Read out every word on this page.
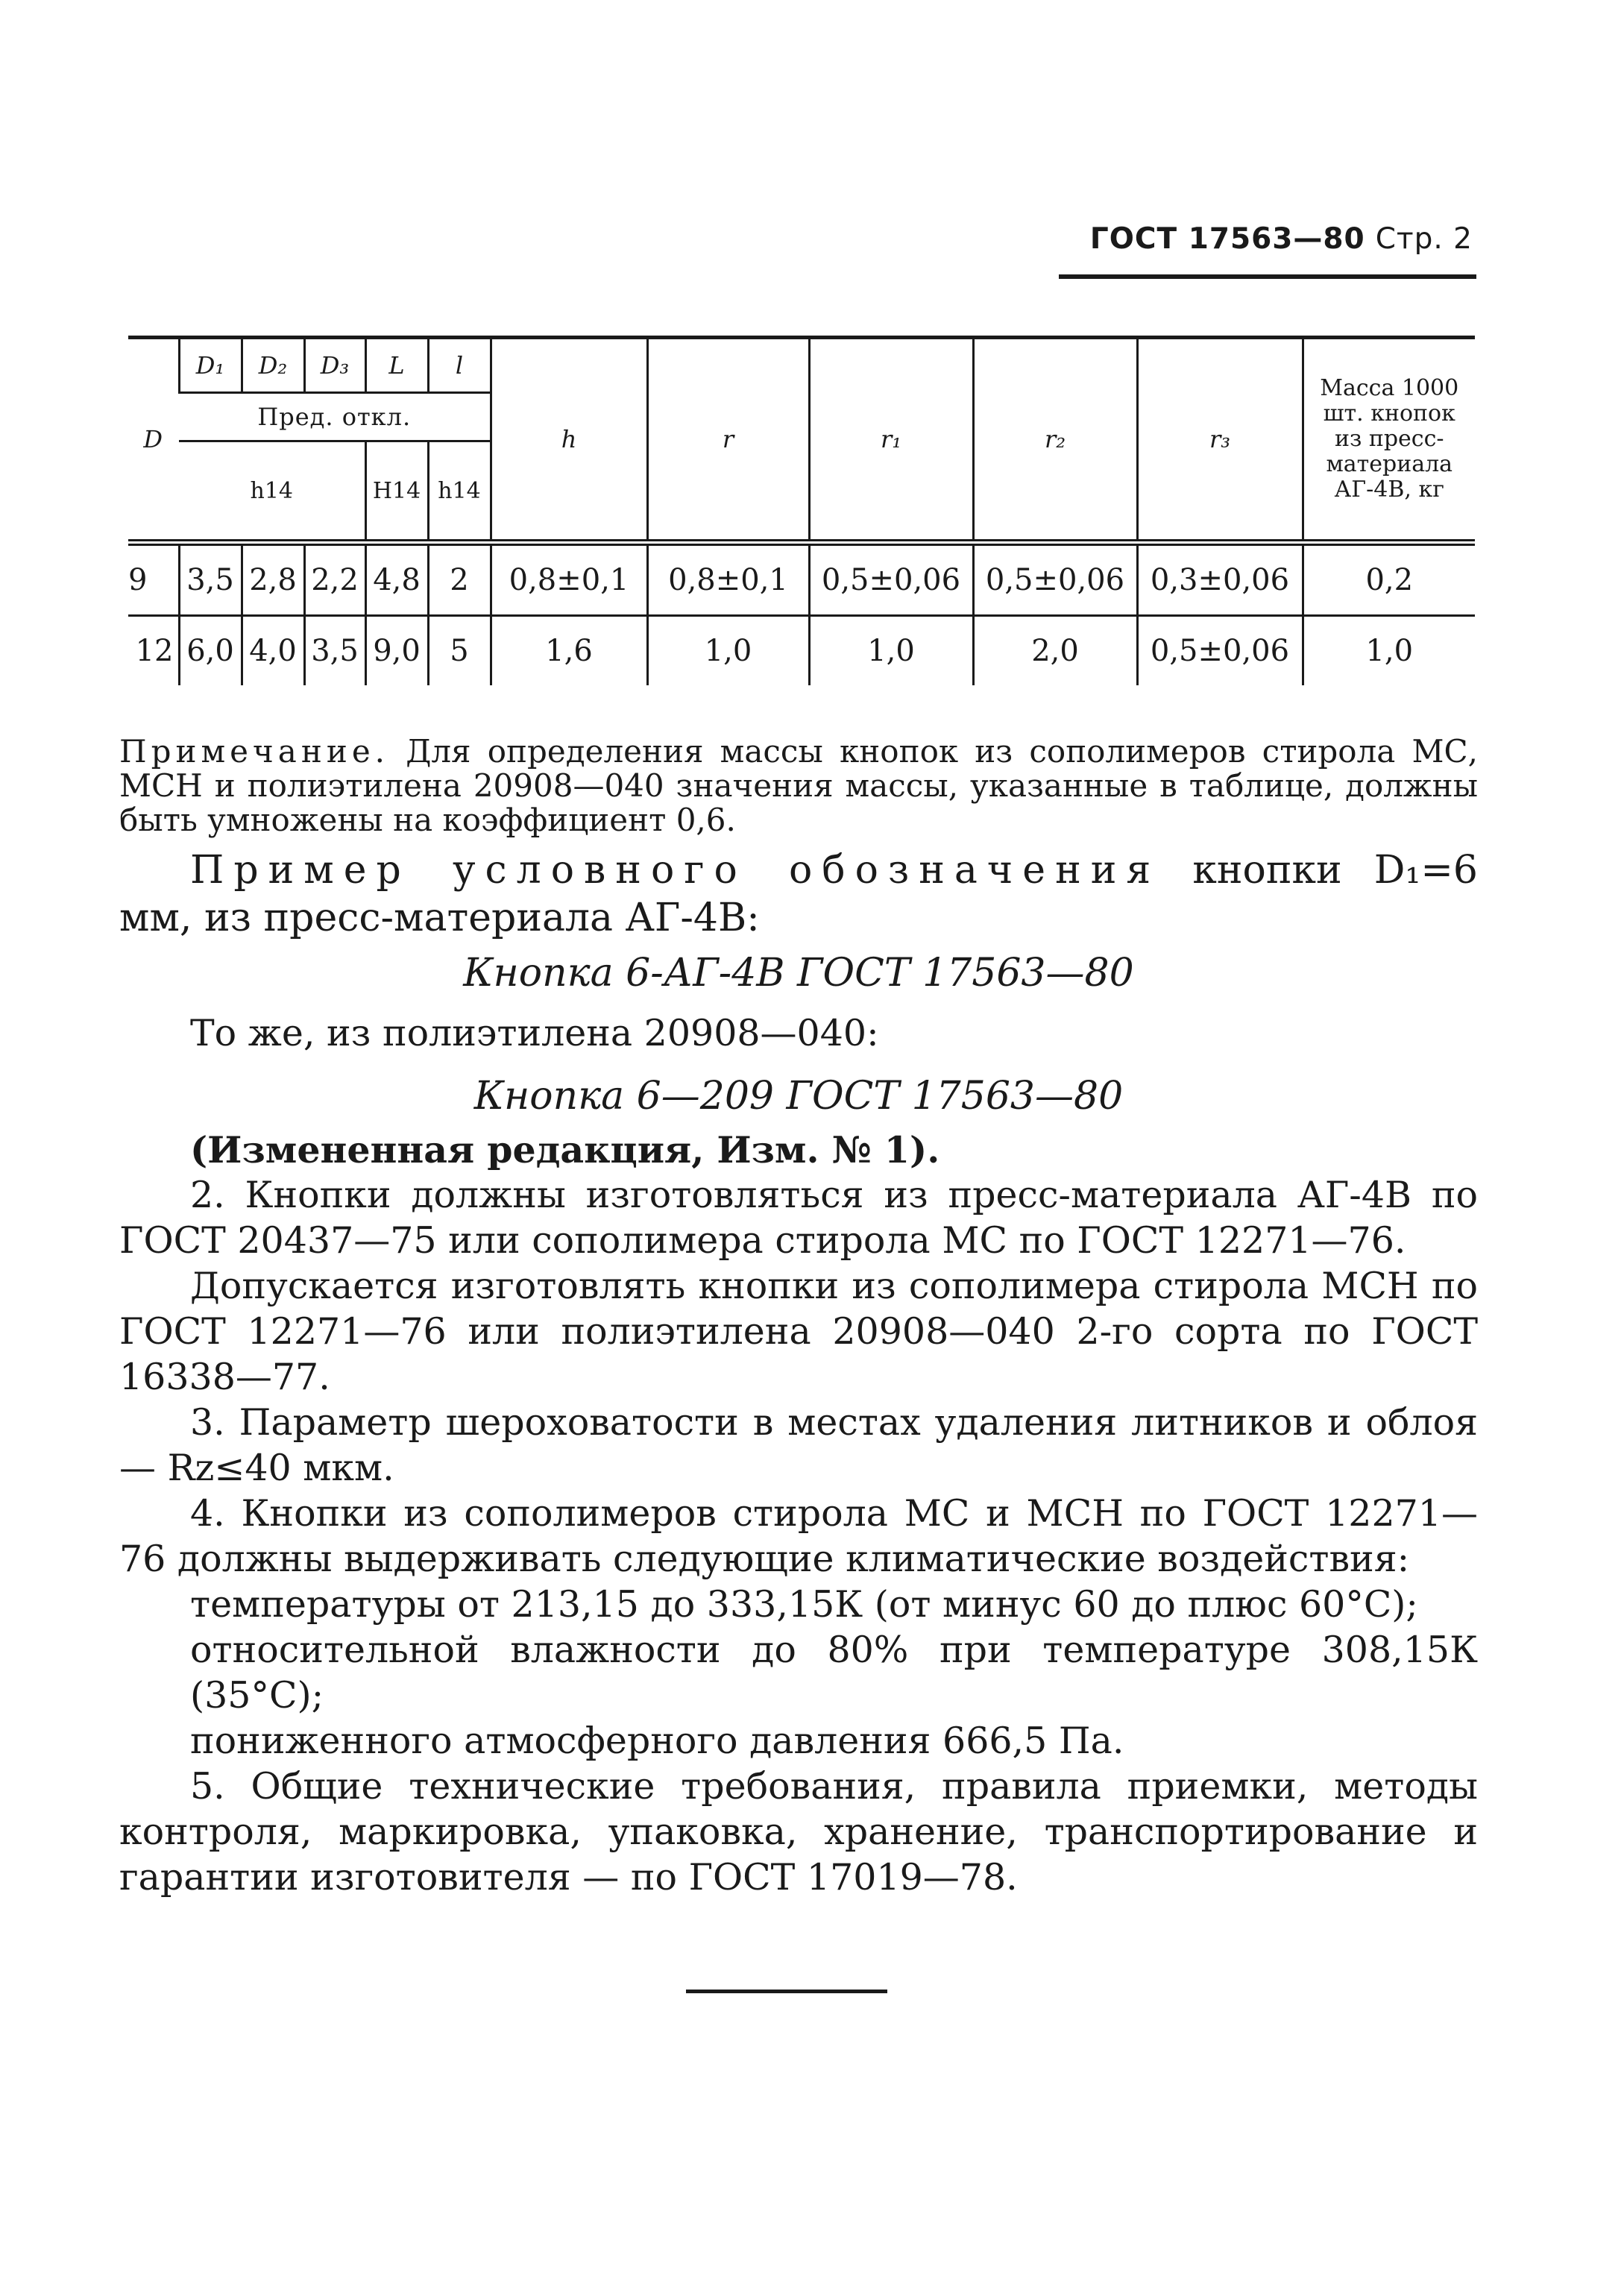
ГОСТ 17563—80 Стр. 2
D	D₁	D₂	D₃	L	l	h	r	r₁	r₂	r₃	Масса 1000 шт. кнопок из пресс-материала АГ-4В, кг
	Пред. откл.										
	h14			H14	h14						
9	3,5	2,8	2,2	4,8	2	0,8±0,1	0,8±0,1	0,5±0,06	0,5±0,06	0,3±0,06	0,2
12	6,0	4,0	3,5	9,0	5	1,6	1,0	1,0	2,0	0,5±0,06	1,0
Примечание. Для определения массы кнопок из сополимеров стирола МС, МСН и полиэтилена 20908—040 значения массы, указанные в таблице, должны быть умножены на коэффициент 0,6.
Пример условного обозначения кнопки D₁=6 мм, из пресс-материала АГ-4В:
Кнопка 6-АГ-4В ГОСТ 17563—80
То же, из полиэтилена 20908—040:
Кнопка 6—209 ГОСТ 17563—80
(Измененная редакция, Изм. № 1).

2. Кнопки должны изготовляться из пресс-материала АГ-4В по ГОСТ 20437—75 или сополимера стирола МС по ГОСТ 12271—76.

Допускается изготовлять кнопки из сополимера стирола МСН по ГОСТ 12271—76 или полиэтилена 20908—040 2-го сорта по ГОСТ 16338—77.

3. Параметр шероховатости в местах удаления литников и облоя — Rz≤40 мкм.

4. Кнопки из сополимеров стирола МС и МСН по ГОСТ 12271—76 должны выдерживать следующие климатические воздействия:

температуры от 213,15 до 333,15К (от минус 60 до плюс 60°С);

относительной влажности до 80% при температуре 308,15К (35°С);

пониженного атмосферного давления 666,5 Па.

5. Общие технические требования, правила приемки, методы контроля, маркировка, упаковка, хранение, транспортирование и гарантии изготовителя — по ГОСТ 17019—78.
